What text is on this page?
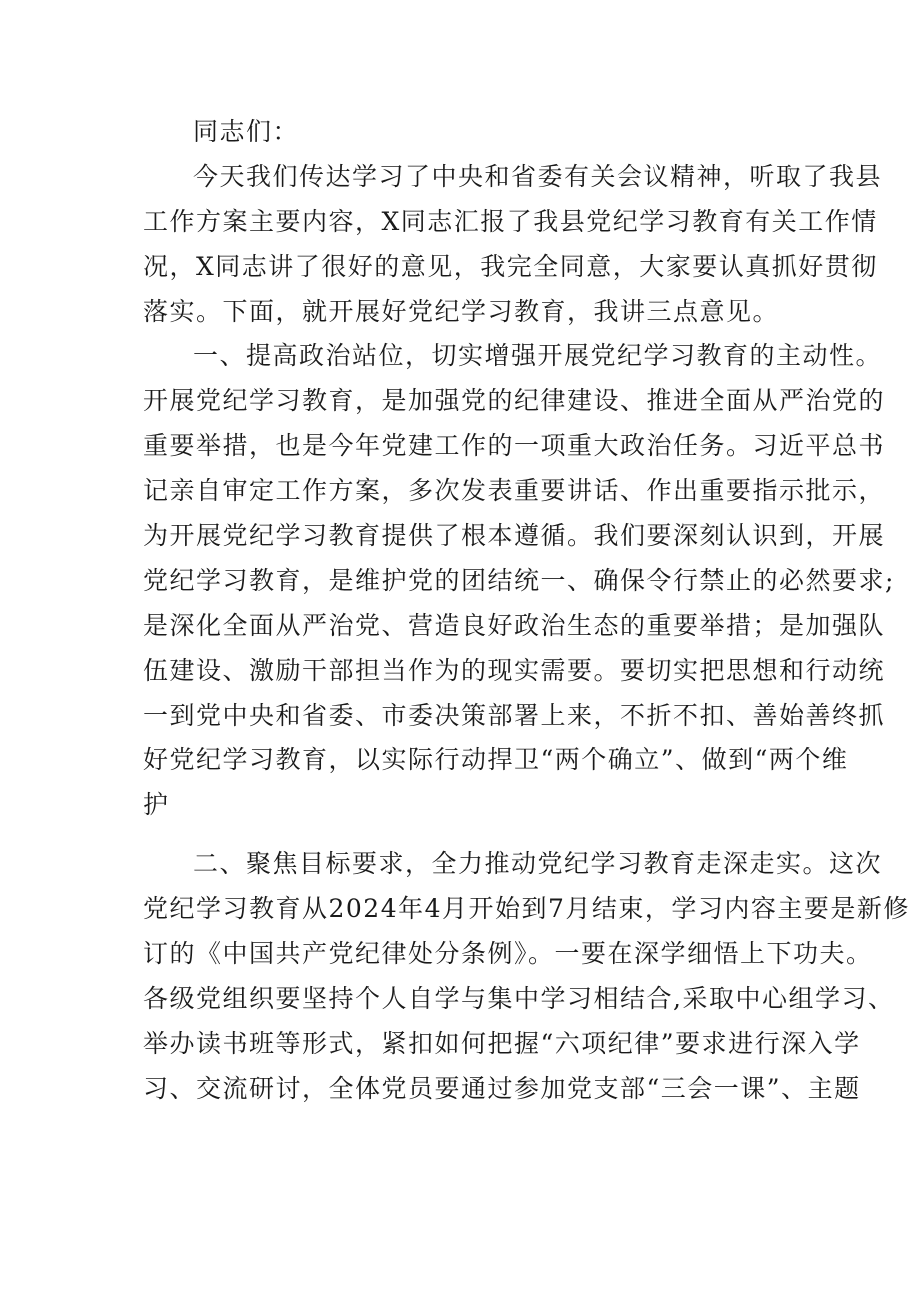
同志们：
今天我们传达学习了中央和省委有关会议精神，听取了我县
工作方案主要内容，X同志汇报了我县党纪学习教育有关工作情
况，X同志讲了很好的意见，我完全同意，大家要认真抓好贯彻
落实。下面，就开展好党纪学习教育，我讲三点意见。
一、提高政治站位，切实增强开展党纪学习教育的主动性。
开展党纪学习教育，是加强党的纪律建设、推进全面从严治党的
重要举措，也是今年党建工作的一项重大政治任务。习近平总书
记亲自审定工作方案，多次发表重要讲话、作出重要指示批示，
为开展党纪学习教育提供了根本遵循。我们要深刻认识到，开展
党纪学习教育，是维护党的团结统一、确保令行禁止的必然要求;
是深化全面从严治党、营造良好政治生态的重要举措；是加强队
伍建设、激励干部担当作为的现实需要。要切实把思想和行动统
一到党中央和省委、市委决策部署上来，不折不扣、善始善终抓
好党纪学习教育，以实际行动捍卫“两个确立”、做到“两个维
护
二、聚焦目标要求，全力推动党纪学习教育走深走实。这次
党纪学习教育从2024年4月开始到7月结束，学习内容主要是新修
订的《中国共产党纪律处分条例》。一要在深学细悟上下功夫。
各级党组织要坚持个人自学与集中学习相结合,采取中心组学习、
举办读书班等形式，紧扣如何把握“六项纪律”要求进行深入学
习、交流研讨，全体党员要通过参加党支部“三会一课”、主题
